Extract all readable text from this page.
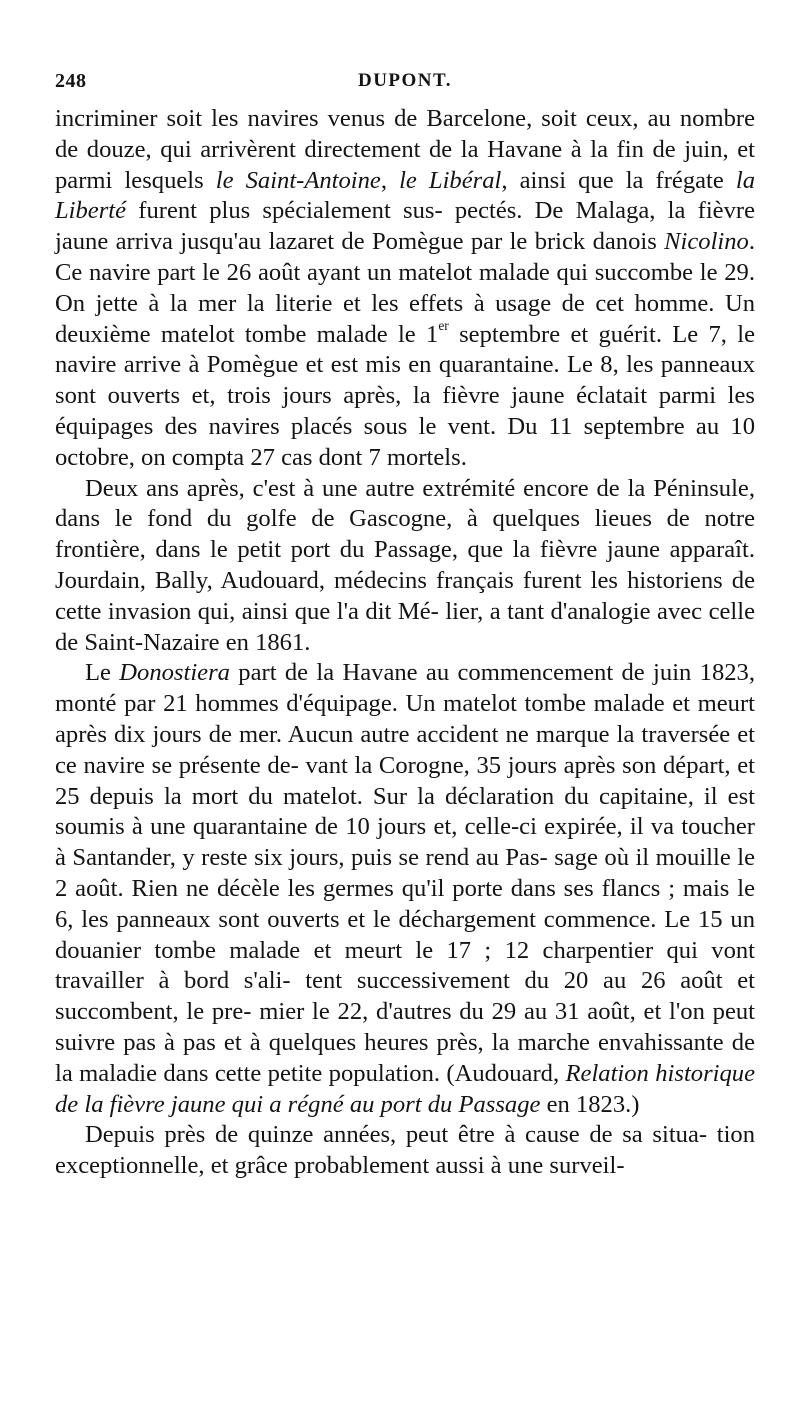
248	DUPONT.

incriminer soit les navires venus de Barcelone, soit ceux, au nombre de douze, qui arrivèrent directement de la Havane à la fin de juin, et parmi lesquels le Saint-Antoine, le Libéral, ainsi que la frégate la Liberté furent plus spécialement sus- pectés. De Malaga, la fièvre jaune arriva jusqu'au lazaret de Pomègue par le brick danois Nicolino. Ce navire part le 26 août ayant un matelot malade qui succombe le 29. On jette à la mer la literie et les effets à usage de cet homme. Un deuxième matelot tombe malade le 1er septembre et guérit. Le 7, le navire arrive à Pomègue et est mis en quarantaine. Le 8, les panneaux sont ouverts et, trois jours après, la fièvre jaune éclatait parmi les équipages des navires placés sous le vent. Du 11 septembre au 10 octobre, on compta 27 cas dont 7 mortels.

Deux ans après, c'est à une autre extrémité encore de la Péninsule, dans le fond du golfe de Gascogne, à quelques lieues de notre frontière, dans le petit port du Passage, que la fièvre jaune apparaît. Jourdain, Bally, Audouard, médecins français furent les historiens de cette invasion qui, ainsi que l'a dit Mé- lier, a tant d'analogie avec celle de Saint-Nazaire en 1861.

Le Donostiera part de la Havane au commencement de juin 1823, monté par 21 hommes d'équipage. Un matelot tombe malade et meurt après dix jours de mer. Aucun autre accident ne marque la traversée et ce navire se présente de- vant la Corogne, 35 jours après son départ, et 25 depuis la mort du matelot. Sur la déclaration du capitaine, il est soumis à une quarantaine de 10 jours et, celle-ci expirée, il va toucher à Santander, y reste six jours, puis se rend au Pas- sage où il mouille le 2 août. Rien ne décèle les germes qu'il porte dans ses flancs ; mais le 6, les panneaux sont ouverts et le déchargement commence. Le 15 un douanier tombe malade et meurt le 17 ; 12 charpentier qui vont travailler à bord s'ali- tent successivement du 20 au 26 août et succombent, le pre- mier le 22, d'autres du 29 au 31 août, et l'on peut suivre pas à pas et à quelques heures près, la marche envahissante de la maladie dans cette petite population. (Audouard, Relation historique de la fièvre jaune qui a régné au port du Passage en 1823.)

Depuis près de quinze années, peut être à cause de sa situa- tion exceptionnelle, et grâce probablement aussi à une surveil-
